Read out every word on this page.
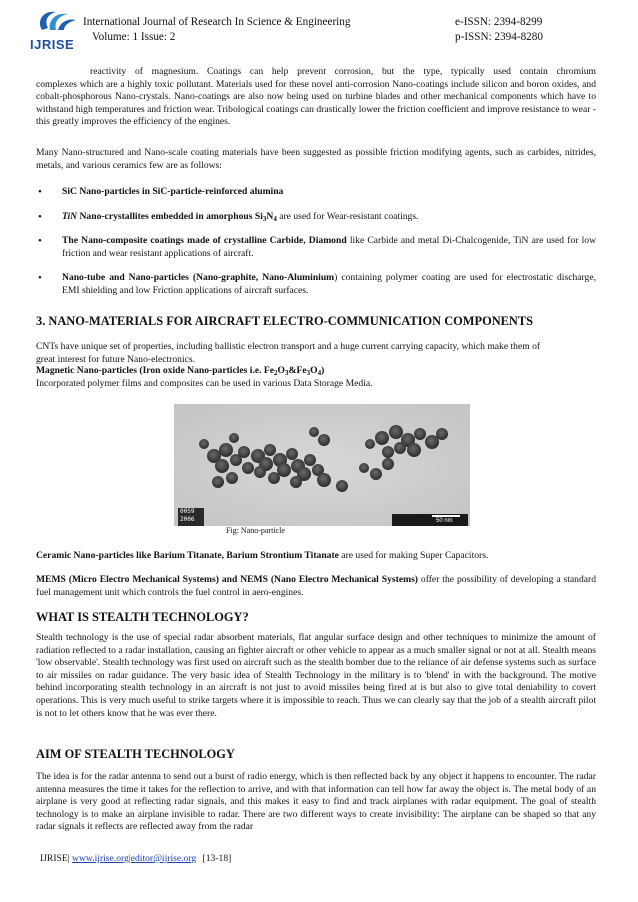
IJRISE
International Journal of Research In Science & Engineering
Volume: 1 Issue: 2
e-ISSN: 2394-8299
p-ISSN: 2394-8280

reactivity of magnesium. Coatings can help prevent corrosion, but the type, typically used contain chromium

complexes which are a highly toxic pollutant. Materials used for these novel anti-corrosion Nano-coatings include silicon and boron oxides, and cobalt-phosphorous Nano-crystals. Nano-coatings are also now being used on turbine blades and other mechanical components which have to withstand high temperatures and friction wear. Tribological coatings can drastically lower the friction coefficient and improve resistance to wear - this greatly improves the efficiency of the engines.

Many Nano-structured and Nano-scale coating materials have been suggested as possible friction modifying agents, such as carbides, nitrides, metals, and various ceramics few are as follows:

• SiC Nano-particles in SiC-particle-reinforced alumina
• TiN Nano-crystallites embedded in amorphous $Si_3N_4$ are used for Wear-resistant coatings.
• The Nano-composite coatings made of crystalline Carbide, Diamond like Carbide and metal Di-Chalcogenide, TiN are used for low friction and wear resistant applications of aircraft.
• Nano-tube and Nano-particles (Nano-graphite, Nano-Aluminium) containing polymer coating are used for electrostatic discharge, EMI shielding and low Friction applications of aircraft surfaces.
3. NANO-MATERIALS FOR AIRCRAFT ELECTRO-COMMUNICATION COMPONENTS

CNTs have unique set of properties, including ballistic electron transport and a huge current carrying capacity, which make them of great interest for future Nano-electronics.

Magnetic Nano-particles (Iron oxide Nano-particles i.e. $Fe_2O_3\&Fe_3O_4$)

Incorporated polymer films and composites can be used in various Data Storage Media.

0059
2006	50 nm
Fig: Nano-particle

Ceramic Nano-particles like Barium Titanate, Barium Strontium Titanate are used for making Super Capacitors.

MEMS (Micro Electro Mechanical Systems) and NEMS (Nano Electro Mechanical Systems) offer the possibility of developing a standard fuel management unit which controls the fuel control in aero-engines.

WHAT IS STEALTH TECHNOLOGY?

Stealth technology is the use of special radar absorbent materials, flat angular surface design and other techniques to minimize the amount of radiation reflected to a radar installation, causing an fighter aircraft or other vehicle to appear as a much smaller signal or not at all. Stealth means 'low observable'. Stealth technology was first used on aircraft such as the stealth bomber due to the reliance of air defense systems such as surface to air missiles on radar guidance. The very basic idea of Stealth Technology in the military is to 'blend' in with the background. The motive behind incorporating stealth technology in an aircraft is not just to avoid missiles being fired at is but also to give total deniability to covert operations. This is very much useful to strike targets where it is impossible to reach. Thus we can clearly say that the job of a stealth aircraft pilot is not to let others know that he was ever there.

AIM OF STEALTH TECHNOLOGY

The idea is for the radar antenna to send out a burst of radio energy, which is then reflected back by any object it happens to encounter. The radar antenna measures the time it takes for the reflection to arrive, and with that information can tell how far away the object is. The metal body of an airplane is very good at reflecting radar signals, and this makes it easy to find and track airplanes with radar equipment. The goal of stealth technology is to make an airplane invisible to radar. There are two different ways to create invisibility: The airplane can be shaped so that any radar signals it reflects are reflected away from the radar

IJRISE| www.ijrise.org|editor@ijrise.org [13-18]
